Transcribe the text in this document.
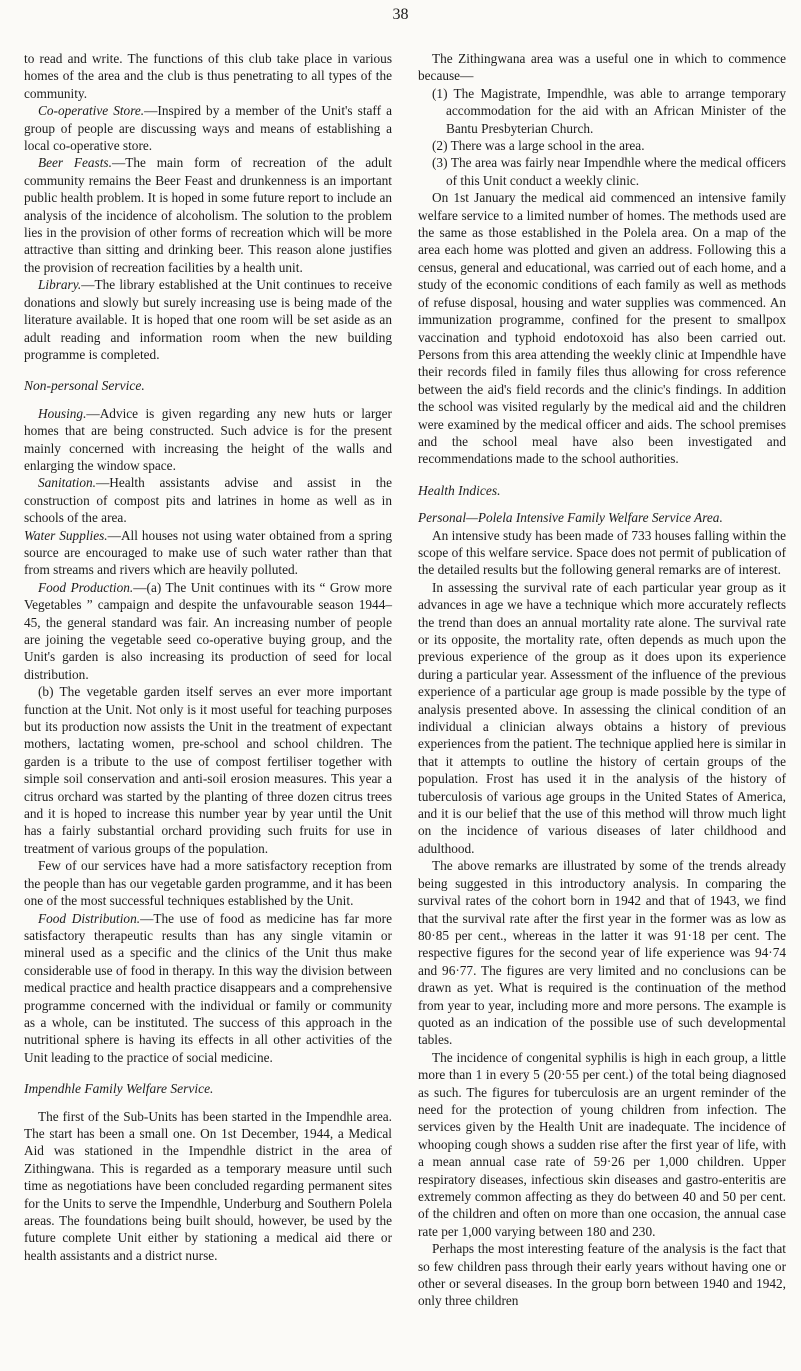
38

to read and write. The functions of this club take place in various homes of the area and the club is thus penetrating to all types of the community.

Co-operative Store.—Inspired by a member of the Unit's staff a group of people are discussing ways and means of establishing a local co-operative store.

Beer Feasts.—The main form of recreation of the adult community remains the Beer Feast and drunkenness is an important public health problem. It is hoped in some future report to include an analysis of the incidence of alcoholism. The solution to the problem lies in the provision of other forms of recreation which will be more attractive than sitting and drinking beer. This reason alone justifies the provision of recreation facilities by a health unit.

Library.—The library established at the Unit continues to receive donations and slowly but surely increasing use is being made of the literature available. It is hoped that one room will be set aside as an adult reading and information room when the new building programme is completed.

Non-personal Service.

Housing.—Advice is given regarding any new huts or larger homes that are being constructed. Such advice is for the present mainly concerned with increasing the height of the walls and enlarging the window space.

Sanitation.—Health assistants advise and assist in the construction of compost pits and latrines in home as well as in schools of the area.

Water Supplies.—All houses not using water obtained from a spring source are encouraged to make use of such water rather than that from streams and rivers which are heavily polluted.

Food Production.—(a) The Unit continues with its “ Grow more Vegetables ” campaign and despite the unfavourable season 1944–45, the general standard was fair. An increasing number of people are joining the vegetable seed co-operative buying group, and the Unit's garden is also increasing its production of seed for local distribution.

(b) The vegetable garden itself serves an ever more important function at the Unit. Not only is it most useful for teaching purposes but its production now assists the Unit in the treatment of expectant mothers, lactating women, pre-school and school children. The garden is a tribute to the use of compost fertiliser together with simple soil conservation and anti-soil erosion measures. This year a citrus orchard was started by the planting of three dozen citrus trees and it is hoped to increase this number year by year until the Unit has a fairly substantial orchard providing such fruits for use in treatment of various groups of the population.

Few of our services have had a more satisfactory reception from the people than has our vegetable garden programme, and it has been one of the most successful techniques established by the Unit.

Food Distribution.—The use of food as medicine has far more satisfactory therapeutic results than has any single vitamin or mineral used as a specific and the clinics of the Unit thus make considerable use of food in therapy. In this way the division between medical practice and health practice disappears and a comprehensive programme concerned with the individual or family or community as a whole, can be instituted. The success of this approach in the nutritional sphere is having its effects in all other activities of the Unit leading to the practice of social medicine.

Impendhle Family Welfare Service.

The first of the Sub-Units has been started in the Impendhle area. The start has been a small one. On 1st December, 1944, a Medical Aid was stationed in the Impendhle district in the area of Zithingwana. This is regarded as a temporary measure until such time as negotiations have been concluded regarding permanent sites for the Units to serve the Impendhle, Underburg and Southern Polela areas. The foundations being built should, however, be used by the future complete Unit either by stationing a medical aid there or health assistants and a district nurse.

The Zithingwana area was a useful one in which to commence because—

(1) The Magistrate, Impendhle, was able to arrange temporary accommodation for the aid with an African Minister of the Bantu Presbyterian Church.

(2) There was a large school in the area.

(3) The area was fairly near Impendhle where the medical officers of this Unit conduct a weekly clinic.

On 1st January the medical aid commenced an intensive family welfare service to a limited number of homes. The methods used are the same as those established in the Polela area. On a map of the area each home was plotted and given an address. Following this a census, general and educational, was carried out of each home, and a study of the economic conditions of each family as well as methods of refuse disposal, housing and water supplies was commenced. An immunization programme, confined for the present to smallpox vaccination and typhoid endotoxoid has also been carried out. Persons from this area attending the weekly clinic at Impendhle have their records filed in family files thus allowing for cross reference between the aid's field records and the clinic's findings. In addition the school was visited regularly by the medical aid and the children were examined by the medical officer and aids. The school premises and the school meal have also been investigated and recommendations made to the school authorities.

Health Indices.

Personal—Polela Intensive Family Welfare Service Area.

An intensive study has been made of 733 houses falling within the scope of this welfare service. Space does not permit of publication of the detailed results but the following general remarks are of interest.

In assessing the survival rate of each particular year group as it advances in age we have a technique which more accurately reflects the trend than does an annual mortality rate alone. The survival rate or its opposite, the mortality rate, often depends as much upon the previous experience of the group as it does upon its experience during a particular year. Assessment of the influence of the previous experience of a particular age group is made possible by the type of analysis presented above. In assessing the clinical condition of an individual a clinician always obtains a history of previous experiences from the patient. The technique applied here is similar in that it attempts to outline the history of certain groups of the population. Frost has used it in the analysis of the history of tuberculosis of various age groups in the United States of America, and it is our belief that the use of this method will throw much light on the incidence of various diseases of later childhood and adulthood.

The above remarks are illustrated by some of the trends already being suggested in this introductory analysis. In comparing the survival rates of the cohort born in 1942 and that of 1943, we find that the survival rate after the first year in the former was as low as 80·85 per cent., whereas in the latter it was 91·18 per cent. The respective figures for the second year of life experience was 94·74 and 96·77. The figures are very limited and no conclusions can be drawn as yet. What is required is the continuation of the method from year to year, including more and more persons. The example is quoted as an indication of the possible use of such developmental tables.

The incidence of congenital syphilis is high in each group, a little more than 1 in every 5 (20·55 per cent.) of the total being diagnosed as such. The figures for tuberculosis are an urgent reminder of the need for the protection of young children from infection. The services given by the Health Unit are inadequate. The incidence of whooping cough shows a sudden rise after the first year of life, with a mean annual case rate of 59·26 per 1,000 children. Upper respiratory diseases, infectious skin diseases and gastro-enteritis are extremely common affecting as they do between 40 and 50 per cent. of the children and often on more than one occasion, the annual case rate per 1,000 varying between 180 and 230.

Perhaps the most interesting feature of the analysis is the fact that so few children pass through their early years without having one or other or several diseases. In the group born between 1940 and 1942, only three children
